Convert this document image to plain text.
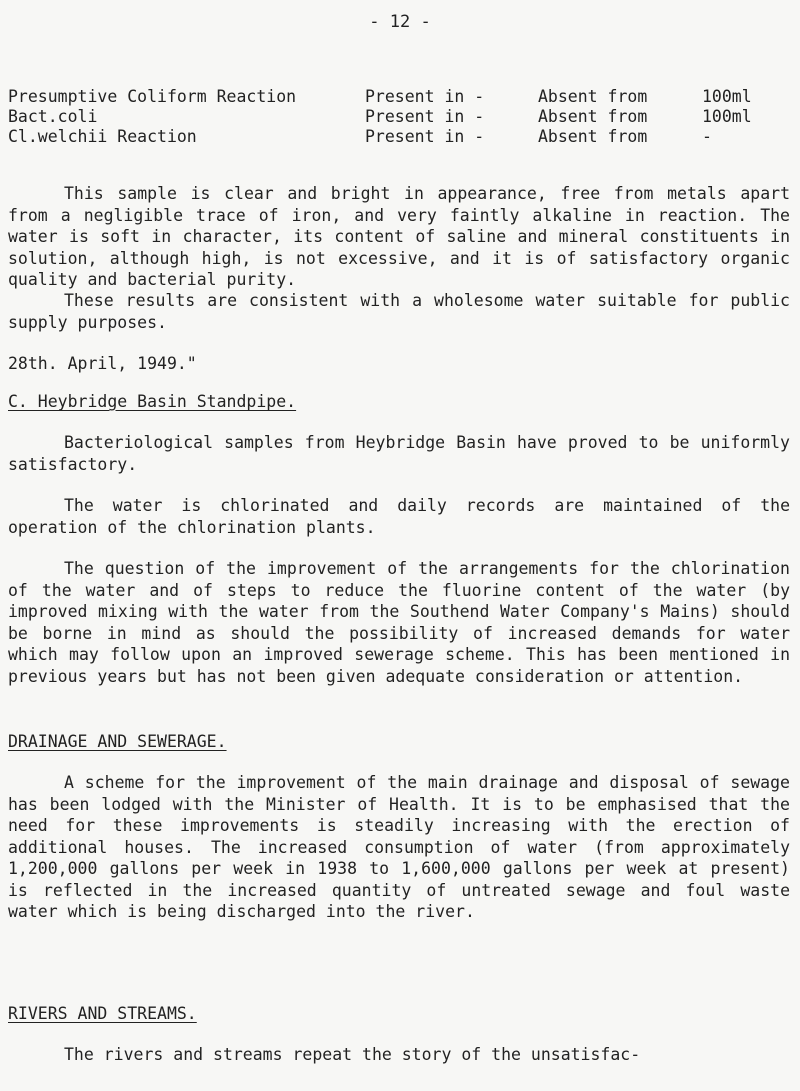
- 12 -
Presumptive Coliform Reaction	Present in -	Absent from	100ml
Bact.coli	Present in -	Absent from	100ml
Cl.welchii Reaction	Present in -	Absent from	-

This sample is clear and bright in appearance, free from metals apart from a negligible trace of iron, and very faintly alkaline in reaction. The water is soft in character, its content of saline and mineral constituents in solution, although high, is not excessive, and it is of satisfactory organic quality and bacterial purity.

These results are consistent with a wholesome water suitable for public supply purposes.

28th. April, 1949."

C. Heybridge Basin Standpipe.

Bacteriological samples from Heybridge Basin have proved to be uniformly satisfactory.

The water is chlorinated and daily records are maintained of the operation of the chlorination plants.

The question of the improvement of the arrangements for the chlorination of the water and of steps to reduce the fluorine content of the water (by improved mixing with the water from the Southend Water Company's Mains) should be borne in mind as should the possibility of increased demands for water which may follow upon an improved sewerage scheme. This has been mentioned in previous years but has not been given adequate consideration or attention.

DRAINAGE AND SEWERAGE.

A scheme for the improvement of the main drainage and disposal of sewage has been lodged with the Minister of Health. It is to be emphasised that the need for these improvements is steadily increasing with the erection of additional houses. The increased consumption of water (from approximately 1,200,000 gallons per week in 1938 to 1,600,000 gallons per week at present) is reflected in the increased quantity of untreated sewage and foul waste water which is being discharged into the river.

RIVERS AND STREAMS.

The rivers and streams repeat the story of the unsatisfac-
